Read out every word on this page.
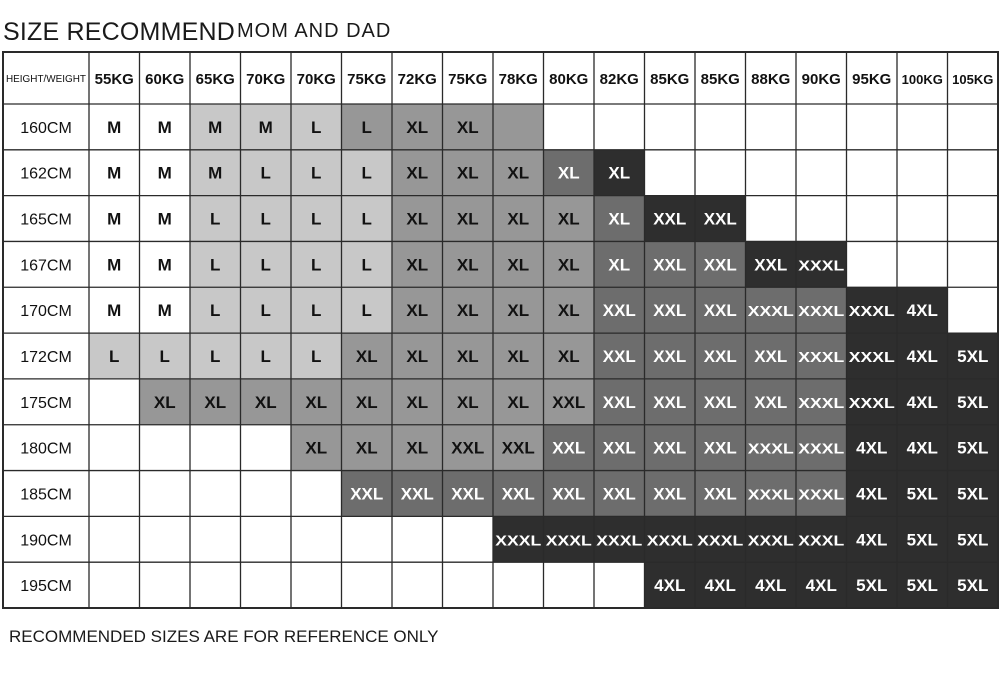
SIZE RECOMMEND MOM AND DAD
HEIGHT/WEIGHT 55KG 60KG 65KG 70KG 70KG 75KG 72KG 75KG 78KG 80KG 82KG 85KG 85KG 88KG 90KG 95KG 100KG 105KG
160CM
162CM
165CM
167CM
170CM
172CM
175CM
180CM
185CM
190CM
195CM
M M M M L L XL XL
M M M L L L XL XL XL XL XL
M M L L L L XL XL XL XL XL XXL XXL
M M L L L L XL XL XL XL XL XXL XXL XXL XXXL
M M L L L L XL XL XL XL XXL XXL XXL XXXL XXXL XXXL 4XL
L L L L L XL XL XL XL XL XXL XXL XXL XXL XXXL XXXL 4XL 5XL
XL XL XL XL XL XL XL XL XXL XXL XXL XXL XXL XXXL XXXL 4XL 5XL
XL XL XL XXL XXL XXL XXL XXL XXL XXXL XXXL 4XL 4XL 5XL
XXL XXL XXL XXL XXL XXL XXL XXL XXXL XXXL 4XL 5XL 5XL
XXXL XXXL XXXL XXXL XXXL XXXL XXXL 4XL 5XL 5XL
4XL 4XL 4XL 4XL 5XL 5XL 5XL
RECOMMENDED SIZES ARE FOR REFERENCE ONLY
